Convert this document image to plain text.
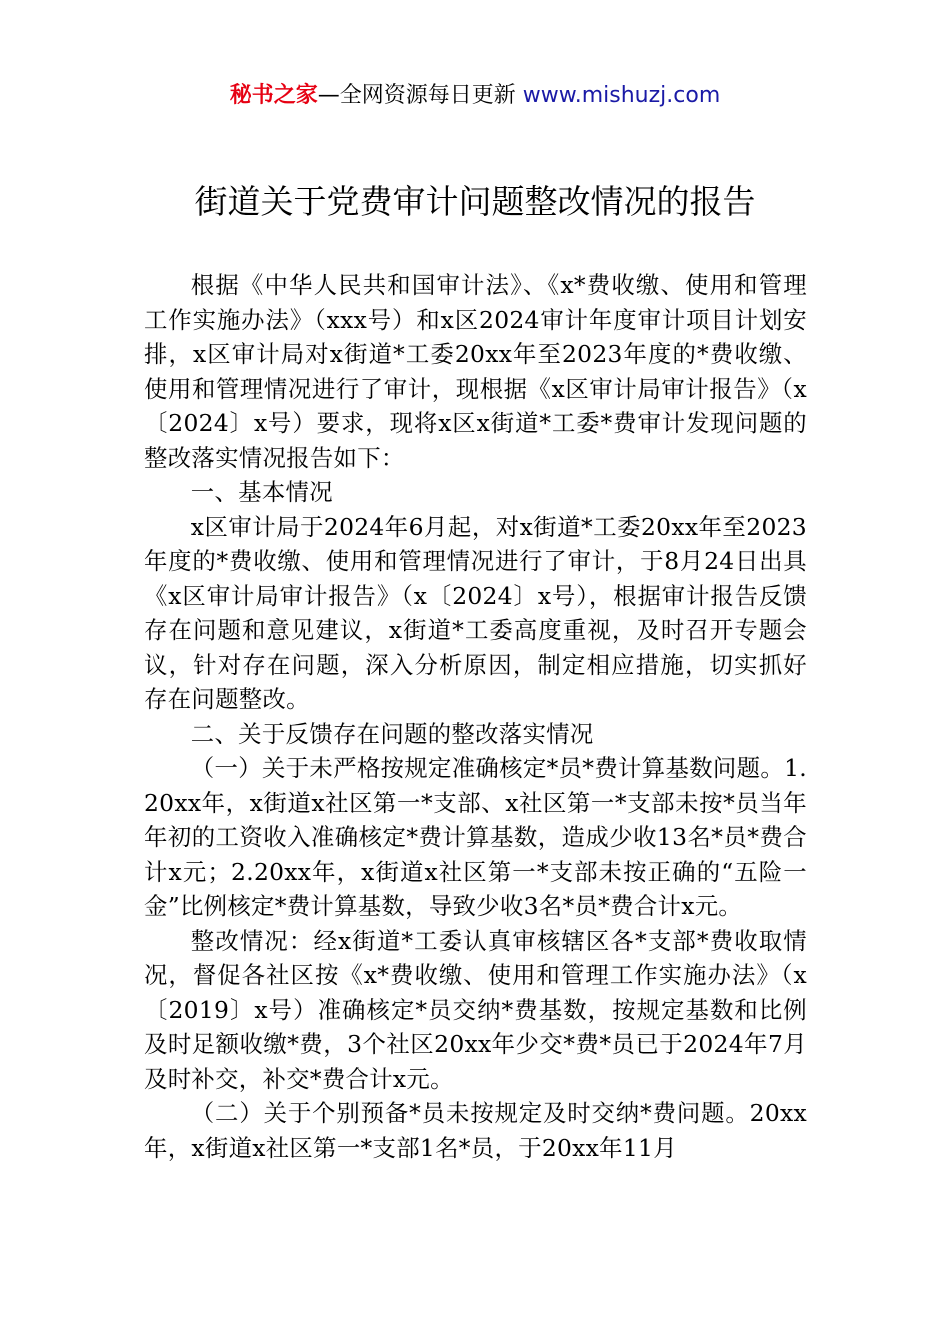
秘书之家—全网资源每日更新 www.mishuzj.com
街道关于党费审计问题整改情况的报告

根据《中华人民共和国审计法》、《x*费收缴、使用和管理工作实施办法》（xxx号）和x区2024审计年度审计项目计划安排，x区审计局对x街道*工委20xx年至2023年度的*费收缴、使用和管理情况进行了审计，现根据《x区审计局审计报告》（x〔2024〕x号）要求，现将x区x街道*工委*费审计发现问题的整改落实情况报告如下：

一、基本情况

x区审计局于2024年6月起，对x街道*工委20xx年至2023年度的*费收缴、使用和管理情况进行了审计，于8月24日出具《x区审计局审计报告》（x〔2024〕x号），根据审计报告反馈存在问题和意见建议，x街道*工委高度重视，及时召开专题会议，针对存在问题，深入分析原因，制定相应措施，切实抓好存在问题整改。

二、关于反馈存在问题的整改落实情况

（一）关于未严格按规定准确核定*员*费计算基数问题。1.20xx年，x街道x社区第一*支部、x社区第一*支部未按*员当年年初的工资收入准确核定*费计算基数，造成少收13名*员*费合计x元；2.20xx年，x街道x社区第一*支部未按正确的“五险一金”比例核定*费计算基数，导致少收3名*员*费合计x元。

整改情况：经x街道*工委认真审核辖区各*支部*费收取情况，督促各社区按《x*费收缴、使用和管理工作实施办法》（x〔2019〕x号）准确核定*员交纳*费基数，按规定基数和比例及时足额收缴*费，3个社区20xx年少交*费*员已于2024年7月及时补交，补交*费合计x元。

（二）关于个别预备*员未按规定及时交纳*费问题。20xx年，x街道x社区第一*支部1名*员，于20xx年11月
